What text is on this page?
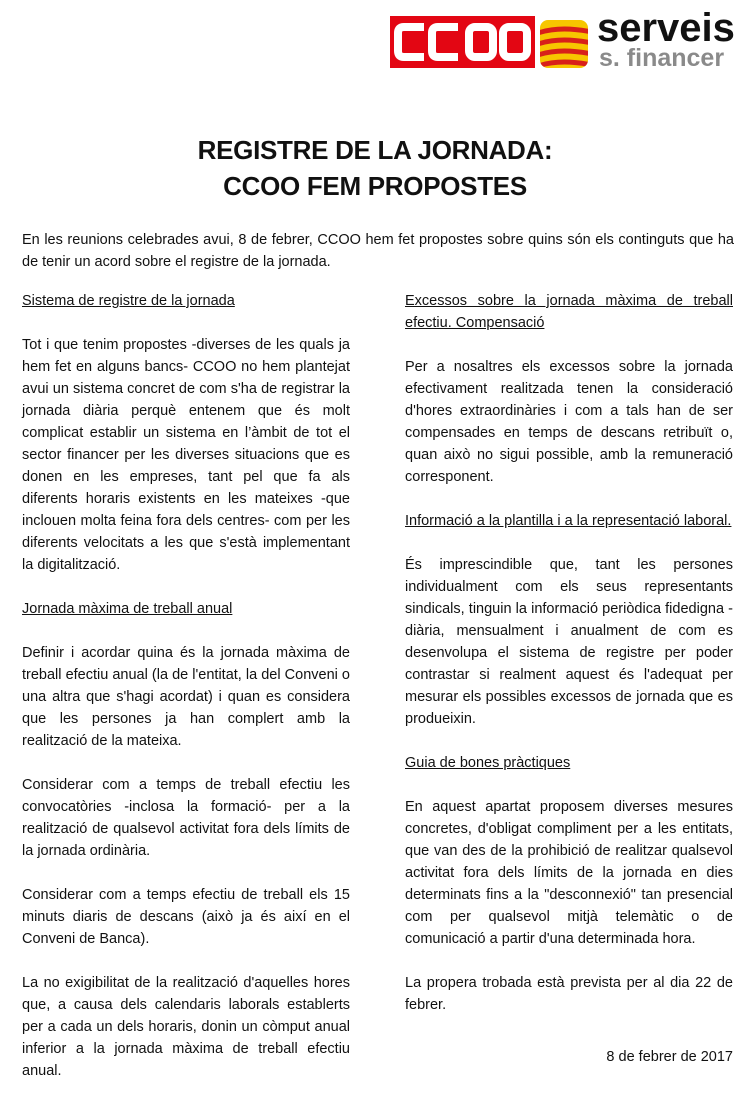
serveis
s. financer
REGISTRE DE LA JORNADA:
CCOO FEM PROPOSTES
En les reunions celebrades avui, 8 de febrer, CCOO hem fet propostes sobre quins són els continguts que ha de tenir un acord sobre el registre de la jornada.

Sistema de registre de la jornada

Tot i que tenim propostes -diverses de les quals ja hem fet en alguns bancs- CCOO no hem plantejat avui un sistema concret de com s'ha de registrar la jornada diària perquè entenem que és molt complicat establir un sistema en l’àmbit de tot el sector financer per les diverses situacions que es donen en les empreses, tant pel que fa als diferents horaris existents en les mateixes -que inclouen molta feina fora dels centres- com per les diferents velocitats a les que s'està implementant la digitalització.

Jornada màxima de treball anual

Definir i acordar quina és la jornada màxima de treball efectiu anual (la de l'entitat, la del Conveni o una altra que s'hagi acordat) i quan es considera que les persones ja han complert amb la realització de la mateixa.

Considerar com a temps de treball efectiu les convocatòries -inclosa la formació- per a la realització de qualsevol activitat fora dels límits de la jornada ordinària.

Considerar com a temps efectiu de treball els 15 minuts diaris de descans (això ja és així en el Conveni de Banca).

La no exigibilitat de la realització d'aquelles hores que, a causa dels calendaris laborals establerts per a cada un dels horaris, donin un còmput anual inferior a la jornada màxima de treball efectiu anual.

Excessos sobre la jornada màxima de treball efectiu. Compensació

Per a nosaltres els excessos sobre la jornada efectivament realitzada tenen la consideració d'hores extraordinàries i com a tals han de ser compensades en temps de descans retribuït o, quan això no sigui possible, amb la remuneració corresponent.

Informació a la plantilla i a la representació laboral.

És imprescindible que, tant les persones individualment com els seus representants sindicals, tinguin la informació periòdica fidedigna - diària, mensualment i anualment de com es desenvolupa el sistema de registre per poder contrastar si realment aquest és l'adequat per mesurar els possibles excessos de jornada que es produeixin.

Guia de bones pràctiques

En aquest apartat proposem diverses mesures concretes, d'obligat compliment per a les entitats, que van des de la prohibició de realitzar qualsevol activitat fora dels límits de la jornada en dies determinats fins a la "desconnexió" tan presencial com per qualsevol mitjà telemàtic o de comunicació a partir d'una determinada hora.

La propera trobada està prevista per al dia 22 de febrer.

8 de febrer de 2017
